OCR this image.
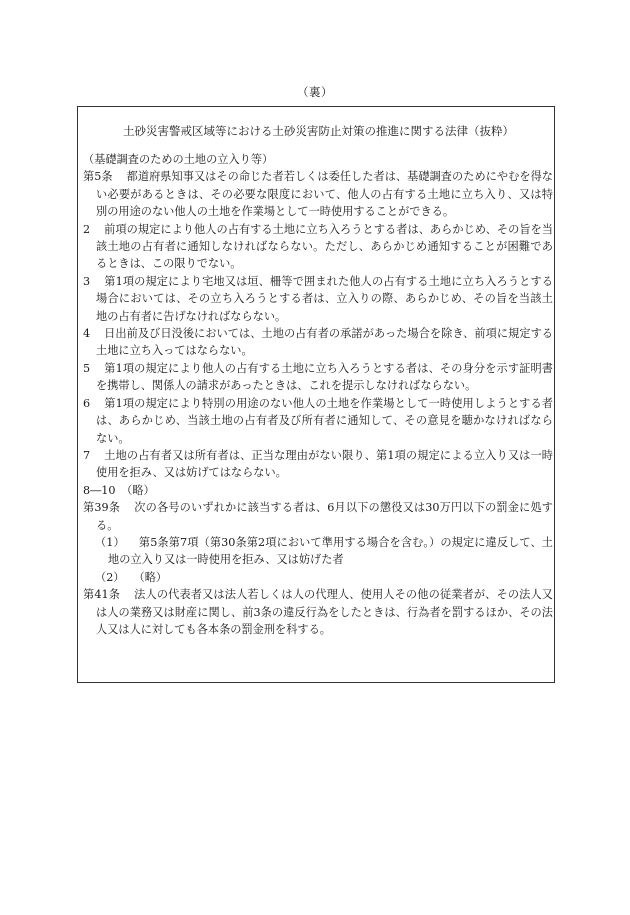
（裏）
土砂災害警戒区域等における土砂災害防止対策の推進に関する法律（抜粋）

（基礎調査のための土地の立入り等）

第5条 都道府県知事又はその命じた者若しくは委任した者は、基礎調査のためにやむを得ない必要があるときは、その必要な限度において、他人の占有する土地に立ち入り、又は特別の用途のない他人の土地を作業場として一時使用することができる。

2 前項の規定により他人の占有する土地に立ち入ろうとする者は、あらかじめ、その旨を当該土地の占有者に通知しなければならない。ただし、あらかじめ通知することが困難であるときは、この限りでない。

3 第1項の規定により宅地又は垣、柵等で囲まれた他人の占有する土地に立ち入ろうとする場合においては、その立ち入ろうとする者は、立入りの際、あらかじめ、その旨を当該土地の占有者に告げなければならない。

4 日出前及び日没後においては、土地の占有者の承諾があった場合を除き、前項に規定する土地に立ち入ってはならない。

5 第1項の規定により他人の占有する土地に立ち入ろうとする者は、その身分を示す証明書を携帯し、関係人の請求があったときは、これを提示しなければならない。

6 第1項の規定により特別の用途のない他人の土地を作業場として一時使用しようとする者は、あらかじめ、当該土地の占有者及び所有者に通知して、その意見を聴かなければならない。

7 土地の占有者又は所有者は、正当な理由がない限り、第1項の規定による立入り又は一時使用を拒み、又は妨げてはならない。

8―10　（略）

第39条 次の各号のいずれかに該当する者は、6月以下の懲役又は30万円以下の罰金に処する。

（1） 第5条第7項（第30条第2項において準用する場合を含む。）の規定に違反して、土地の立入り又は一時使用を拒み、又は妨げた者

（2） （略）

第41条 法人の代表者又は法人若しくは人の代理人、使用人その他の従業者が、その法人又は人の業務又は財産に関し、前3条の違反行為をしたときは、行為者を罰するほか、その法人又は人に対しても各本条の罰金刑を科する。
